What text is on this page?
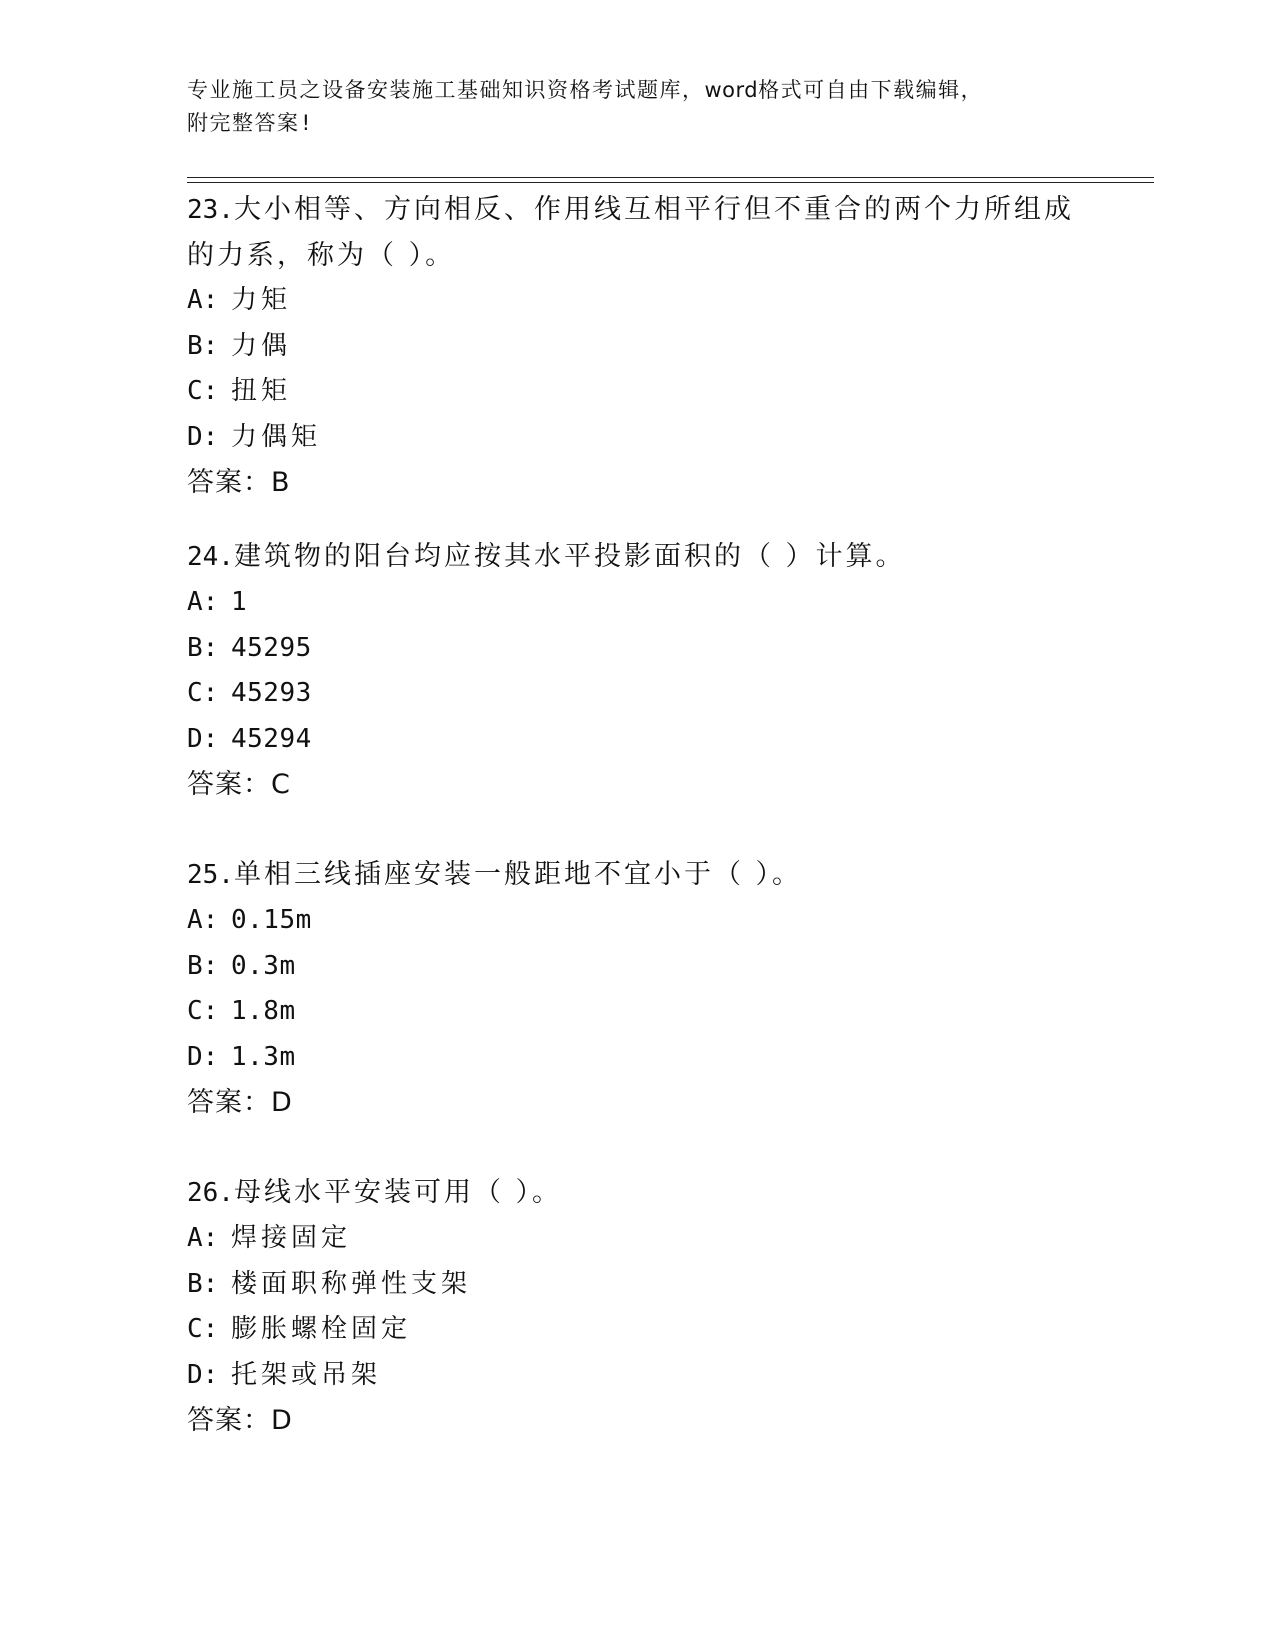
专业施工员之设备安装施工基础知识资格考试题库，word格式可自由下载编辑，
附完整答案!

23.大小相等、方向相反、作用线互相平行但不重合的两个力所组成的力系，称为（ ）。

A: 力矩
B: 力偶
C: 扭矩
D: 力偶矩
答案：B

24.建筑物的阳台均应按其水平投影面积的（ ）计算。

A: 1
B: 45295
C: 45293
D: 45294
答案：C

25.单相三线插座安装一般距地不宜小于（ ）。

A: 0.15m
B: 0.3m
C: 1.8m
D: 1.3m
答案：D

26.母线水平安装可用（ ）。

A: 焊接固定
B: 楼面职称弹性支架
C: 膨胀螺栓固定
D: 托架或吊架
答案：D
